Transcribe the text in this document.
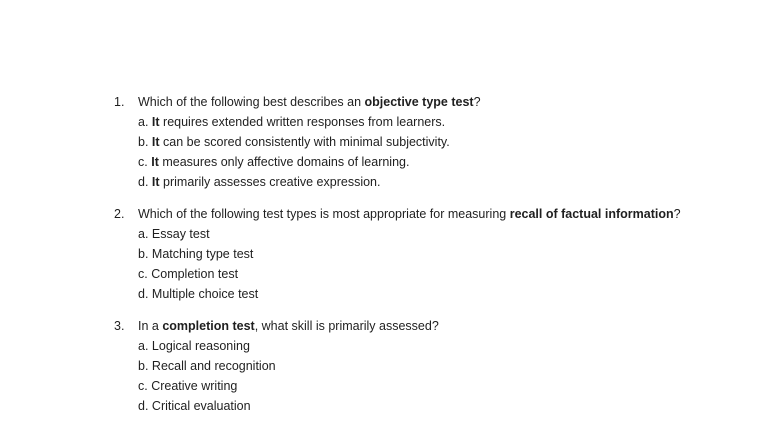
1. Which of the following best describes an objective type test?
a. It requires extended written responses from learners.
b. It can be scored consistently with minimal subjectivity.
c. It measures only affective domains of learning.
d. It primarily assesses creative expression.
2. Which of the following test types is most appropriate for measuring recall of factual information?
a. Essay test
b. Matching type test
c. Completion test
d. Multiple choice test
3. In a completion test, what skill is primarily assessed?
a. Logical reasoning
b. Recall and recognition
c. Creative writing
d. Critical evaluation
